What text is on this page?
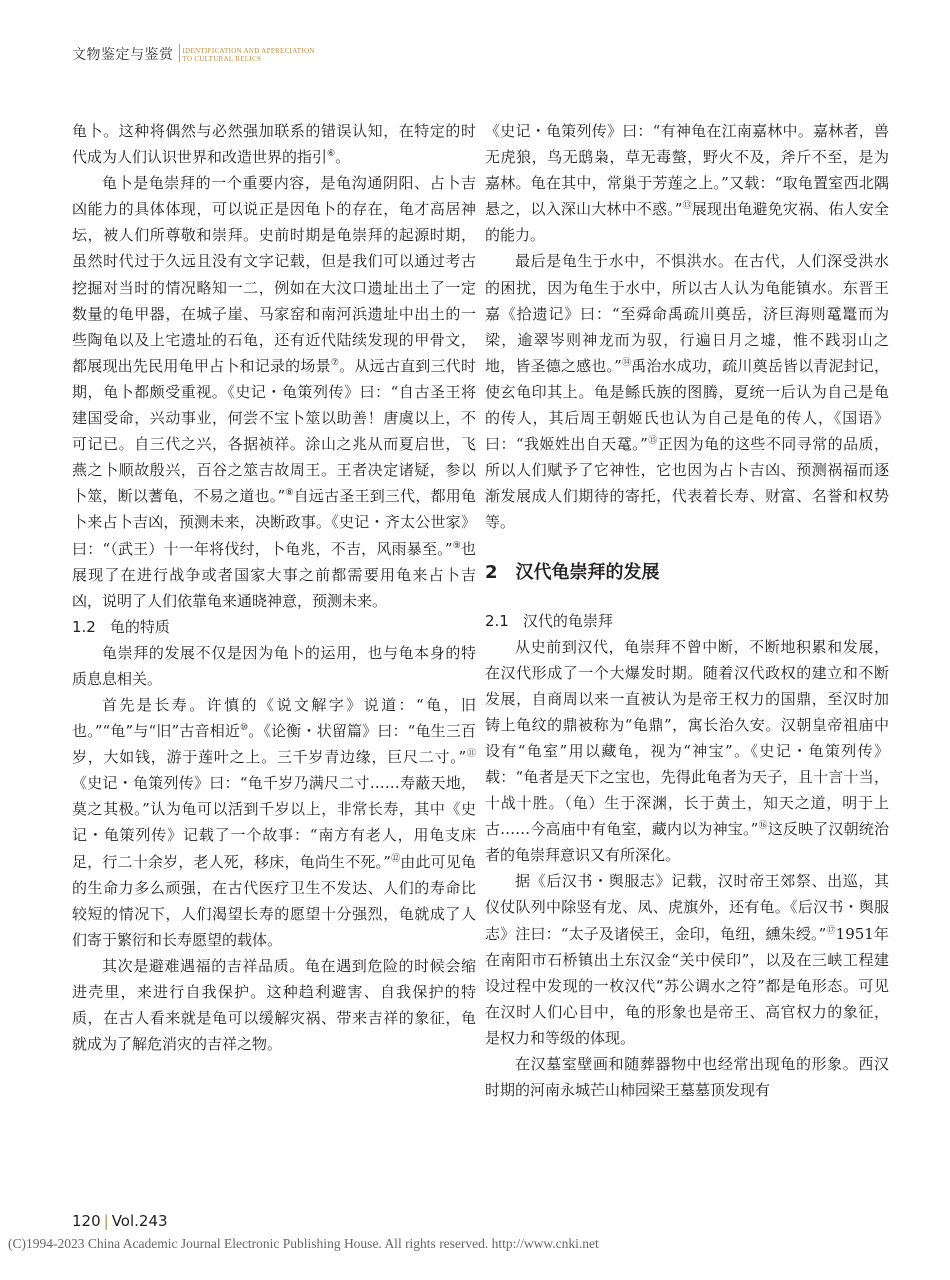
文物鉴定与鉴赏 IDENTIFICATION AND APPRECIATION
TO CULTURAL RELICS

龟卜。这种将偶然与必然强加联系的错误认知，在特定的时代成为人们认识世界和改造世界的指引⑥。

龟卜是龟崇拜的一个重要内容，是龟沟通阴阳、占卜吉凶能力的具体体现，可以说正是因龟卜的存在，龟才高居神坛，被人们所尊敬和崇拜。史前时期是龟崇拜的起源时期，虽然时代过于久远且没有文字记载，但是我们可以通过考古挖掘对当时的情况略知一二，例如在大汶口遗址出土了一定数量的龟甲器，在城子崖、马家窑和南河浜遗址中出土的一些陶龟以及上宅遗址的石龟，还有近代陆续发现的甲骨文，都展现出先民用龟甲占卜和记录的场景⑦。从远古直到三代时期，龟卜都颇受重视。《史记・龟策列传》曰：“自古圣王将建国受命，兴动事业，何尝不宝卜筮以助善！唐虞以上，不可记已。自三代之兴，各据祯祥。涂山之兆从而夏启世，飞燕之卜顺故殷兴，百谷之筮吉故周王。王者决定诸疑，参以卜筮，断以蓍龟，不易之道也。”⑧自远古圣王到三代，都用龟卜来占卜吉凶，预测未来，决断政事。《史记・齐太公世家》曰：“（武王）十一年将伐纣，卜龟兆，不吉，风雨暴至。”⑨也展现了在进行战争或者国家大事之前都需要用龟来占卜吉凶，说明了人们依靠龟来通晓神意，预测未来。

1.2 龟的特质

龟崇拜的发展不仅是因为龟卜的运用，也与龟本身的特质息息相关。

首先是长寿。许慎的《说文解字》说道：“龟，旧也。”“龟”与“旧”古音相近⑩。《论衡・状留篇》曰：“龟生三百岁，大如钱，游于莲叶之上。三千岁青边缘，巨尺二寸。”⑪《史记・龟策列传》曰：“龟千岁乃满尺二寸……寿蔽天地，莫之其极。”认为龟可以活到千岁以上，非常长寿，其中《史记・龟策列传》记载了一个故事：“南方有老人，用龟支床足，行二十余岁，老人死，移床，龟尚生不死。”⑫由此可见龟的生命力多么顽强，在古代医疗卫生不发达、人们的寿命比较短的情况下，人们渴望长寿的愿望十分强烈，龟就成了人们寄于繁衍和长寿愿望的载体。

其次是避难遇福的吉祥品质。龟在遇到危险的时候会缩进壳里，来进行自我保护。这种趋利避害、自我保护的特质，在古人看来就是龟可以缓解灾祸、带来吉祥的象征，龟就成为了解危消灾的吉祥之物。

《史记・龟策列传》曰：“有神龟在江南嘉林中。嘉林者，兽无虎狼，鸟无鸱枭，草无毒螫，野火不及，斧斤不至，是为嘉林。龟在其中，常巢于芳莲之上。”又载：“取龟置室西北隅悬之，以入深山大林中不惑。”⑬展现出龟避免灾祸、佑人安全的能力。

最后是龟生于水中，不惧洪水。在古代，人们深受洪水的困扰，因为龟生于水中，所以古人认为龟能镇水。东晋王嘉《拾遗记》曰：“至舜命禹疏川奠岳，济巨海则鼋鼍而为梁，逾翠岑则神龙而为驭，行遍日月之墟，惟不践羽山之地，皆圣德之感也。”⑭禹治水成功，疏川奠岳皆以青泥封记，使玄龟印其上。龟是鲧氏族的图腾，夏统一后认为自己是龟的传人，其后周王朝姬氏也认为自己是龟的传人，《国语》曰：“我姬姓出自天鼋。”⑮正因为龟的这些不同寻常的品质，所以人们赋予了它神性，它也因为占卜吉凶、预测祸福而逐渐发展成人们期待的寄托，代表着长寿、财富、名誉和权势等。

2 汉代龟崇拜的发展
2.1 汉代的龟崇拜

从史前到汉代，龟崇拜不曾中断，不断地积累和发展，在汉代形成了一个大爆发时期。随着汉代政权的建立和不断发展，自商周以来一直被认为是帝王权力的国鼎，至汉时加铸上龟纹的鼎被称为“龟鼎”，寓长治久安。汉朝皇帝祖庙中设有“龟室”用以藏龟，视为“神宝”。《史记・龟策列传》载：“龟者是天下之宝也，先得此龟者为天子，且十言十当，十战十胜。（龟）生于深渊，长于黄土，知天之道，明于上古……今高庙中有龟室，藏内以为神宝。”⑯这反映了汉朝统治者的龟崇拜意识又有所深化。

据《后汉书・舆服志》记载，汉时帝王郊祭、出巡，其仪仗队列中除竖有龙、凤、虎旗外，还有龟。《后汉书・舆服志》注曰：“太子及诸侯王，金印，龟纽，纁朱绶。”⑰1951年在南阳市石桥镇出土东汉金“关中侯印”，以及在三峡工程建设过程中发现的一枚汉代“苏公调水之符”都是龟形态。可见在汉时人们心目中，龟的形象也是帝王、高官权力的象征，是权力和等级的体现。

在汉墓室壁画和随葬器物中也经常出现龟的形象。西汉时期的河南永城芒山柿园梁王墓墓顶发现有

120 | Vol.243
(C)1994-2023 China Academic Journal Electronic Publishing House. All rights reserved. http://www.cnki.net
